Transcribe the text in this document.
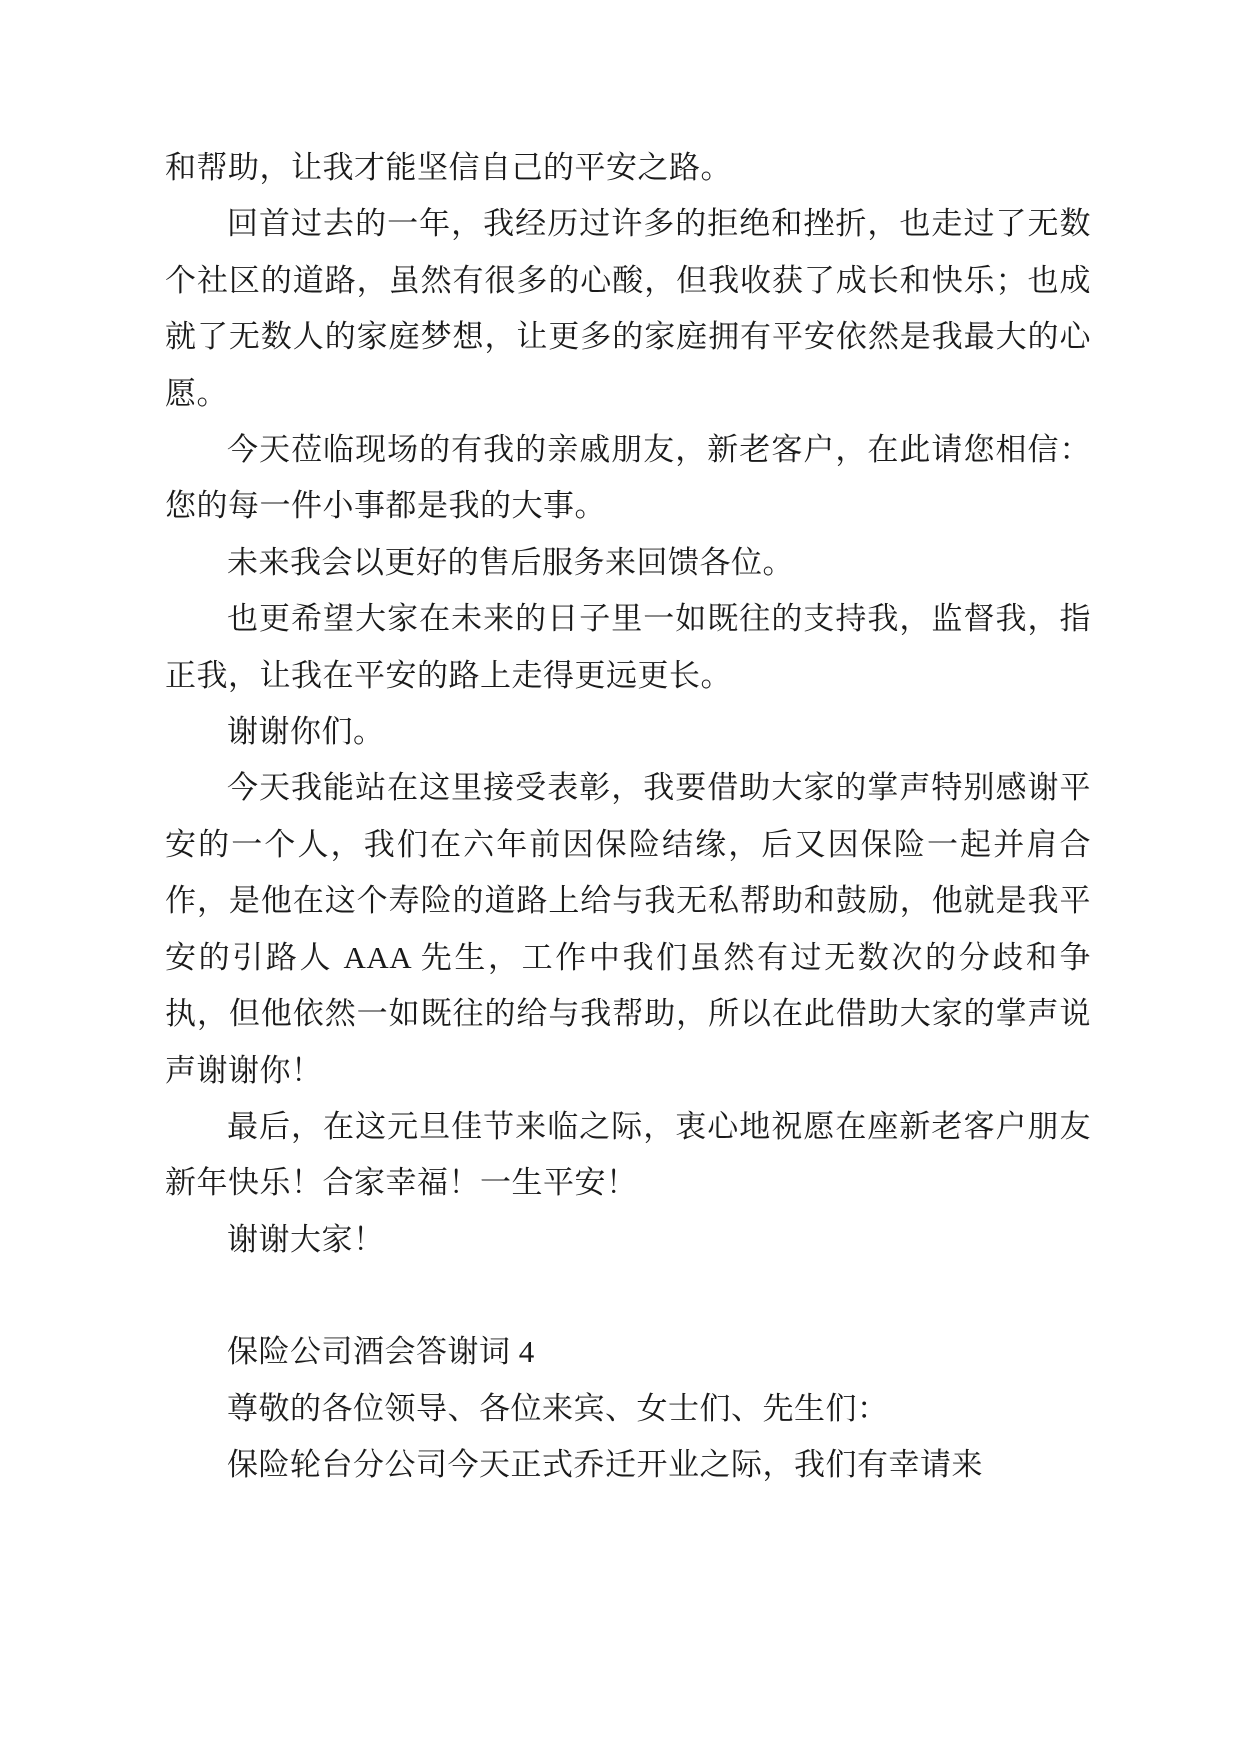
和帮助，让我才能坚信自己的平安之路。

回首过去的一年，我经历过许多的拒绝和挫折，也走过了无数个社区的道路，虽然有很多的心酸，但我收获了成长和快乐；也成就了无数人的家庭梦想，让更多的家庭拥有平安依然是我最大的心愿。

今天莅临现场的有我的亲戚朋友，新老客户，在此请您相信：您的每一件小事都是我的大事。

未来我会以更好的售后服务来回馈各位。

也更希望大家在未来的日子里一如既往的支持我，监督我，指正我，让我在平安的路上走得更远更长。

谢谢你们。

今天我能站在这里接受表彰，我要借助大家的掌声特别感谢平安的一个人，我们在六年前因保险结缘，后又因保险一起并肩合作，是他在这个寿险的道路上给与我无私帮助和鼓励，他就是我平安的引路人 AAA 先生，工作中我们虽然有过无数次的分歧和争执，但他依然一如既往的给与我帮助，所以在此借助大家的掌声说声谢谢你！

最后，在这元旦佳节来临之际，衷心地祝愿在座新老客户朋友新年快乐！合家幸福！一生平安！

谢谢大家！

保险公司酒会答谢词 4

尊敬的各位领导、各位来宾、女士们、先生们：

保险轮台分公司今天正式乔迁开业之际，我们有幸请来
